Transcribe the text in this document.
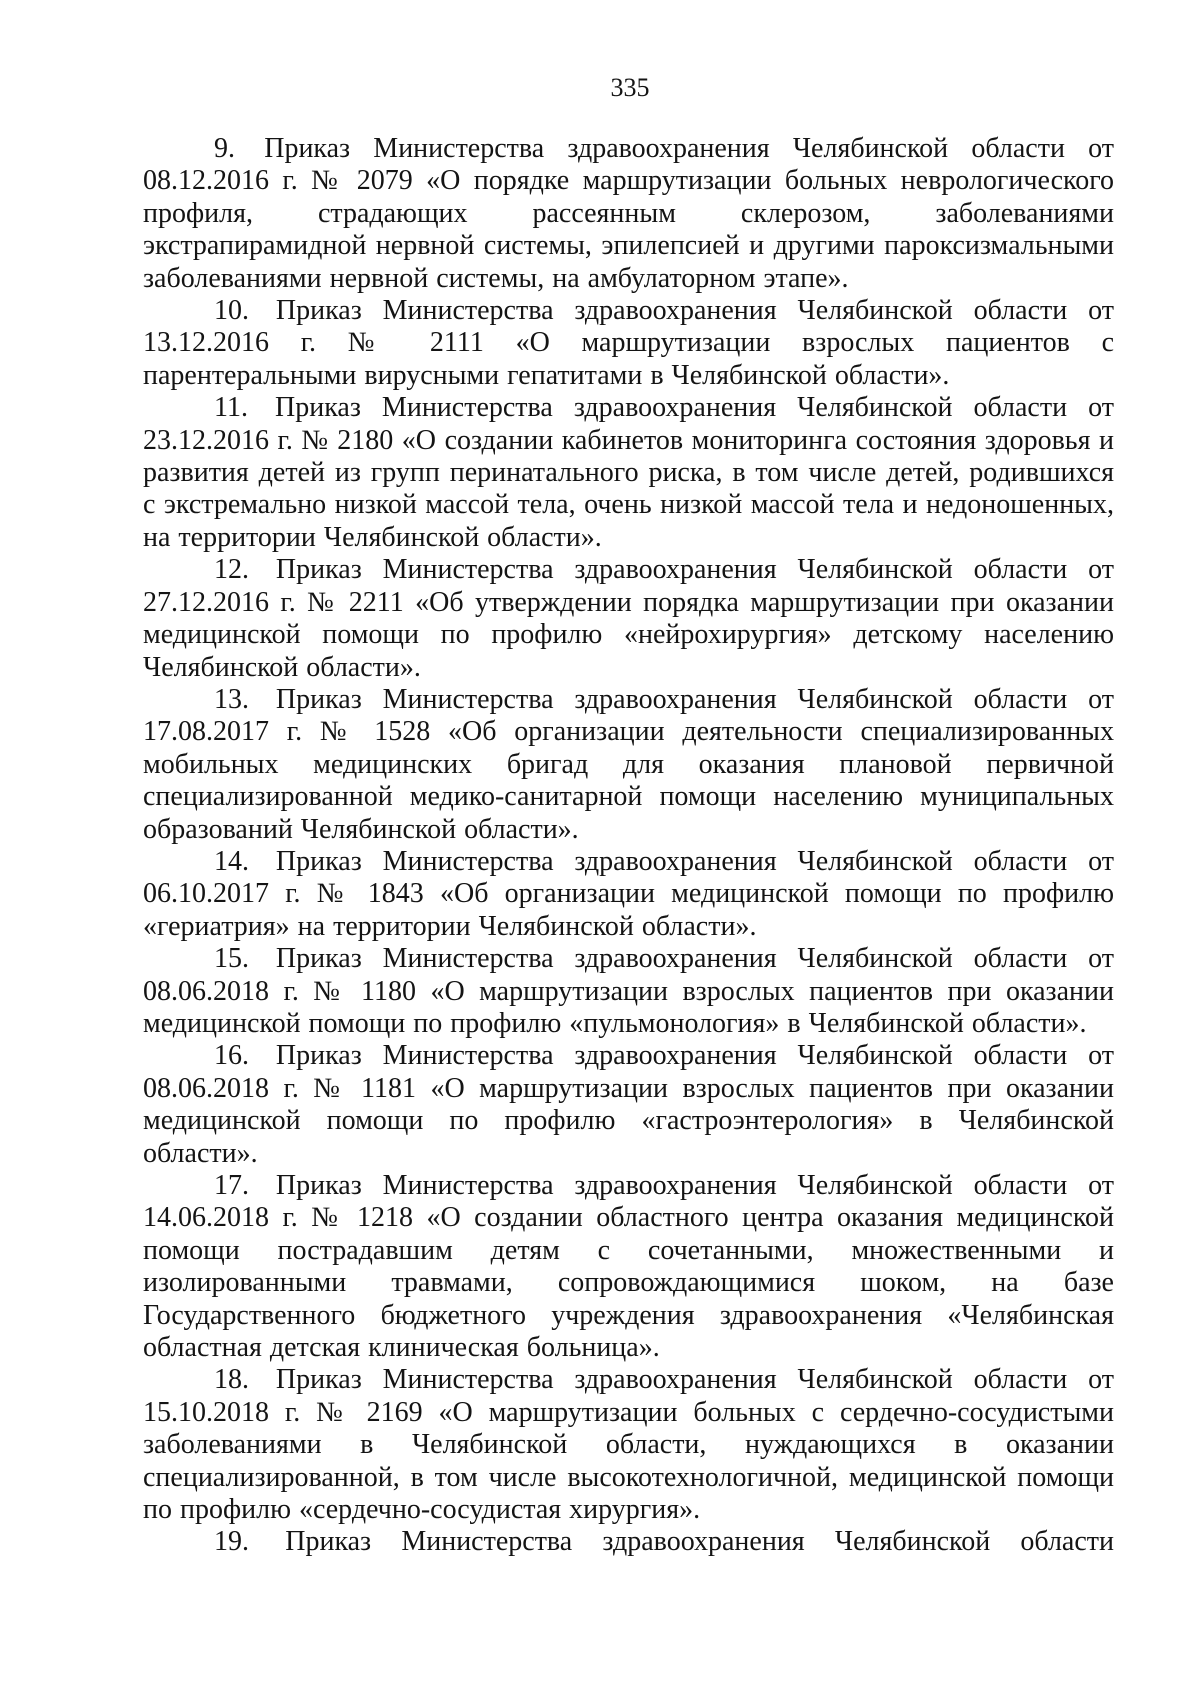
335

9. Приказ Министерства здравоохранения Челябинской области от 08.12.2016 г. № 2079 «О порядке маршрутизации больных неврологического профиля, страдающих рассеянным склерозом, заболеваниями экстрапирамидной нервной системы, эпилепсией и другими пароксизмальными заболеваниями нервной системы, на амбулаторном этапе».

10. Приказ Министерства здравоохранения Челябинской области от 13.12.2016 г. № 2111 «О маршрутизации взрослых пациентов с парентеральными вирусными гепатитами в Челябинской области».

11. Приказ Министерства здравоохранения Челябинской области от 23.12.2016 г. № 2180 «О создании кабинетов мониторинга состояния здоровья и развития детей из групп перинатального риска, в том числе детей, родившихся с экстремально низкой массой тела, очень низкой массой тела и недоношенных, на территории Челябинской области».

12. Приказ Министерства здравоохранения Челябинской области от 27.12.2016 г. № 2211 «Об утверждении порядка маршрутизации при оказании медицинской помощи по профилю «нейрохирургия» детскому населению Челябинской области».

13. Приказ Министерства здравоохранения Челябинской области от 17.08.2017 г. № 1528 «Об организации деятельности специализированных мобильных медицинских бригад для оказания плановой первичной специализированной медико-санитарной помощи населению муниципальных образований Челябинской области».

14. Приказ Министерства здравоохранения Челябинской области от 06.10.2017 г. № 1843 «Об организации медицинской помощи по профилю «гериатрия» на территории Челябинской области».

15. Приказ Министерства здравоохранения Челябинской области от 08.06.2018 г. № 1180 «О маршрутизации взрослых пациентов при оказании медицинской помощи по профилю «пульмонология» в Челябинской области».

16. Приказ Министерства здравоохранения Челябинской области от 08.06.2018 г. № 1181 «О маршрутизации взрослых пациентов при оказании медицинской помощи по профилю «гастроэнтерология» в Челябинской области».

17. Приказ Министерства здравоохранения Челябинской области от 14.06.2018 г. № 1218 «О создании областного центра оказания медицинской помощи пострадавшим детям с сочетанными, множественными и изолированными травмами, сопровождающимися шоком, на базе Государственного бюджетного учреждения здравоохранения «Челябинская областная детская клиническая больница».

18. Приказ Министерства здравоохранения Челябинской области от 15.10.2018 г. № 2169 «О маршрутизации больных с сердечно-сосудистыми заболеваниями в Челябинской области, нуждающихся в оказании специализированной, в том числе высокотехнологичной, медицинской помощи по профилю «сердечно-сосудистая хирургия».

19. Приказ Министерства здравоохранения Челябинской области
